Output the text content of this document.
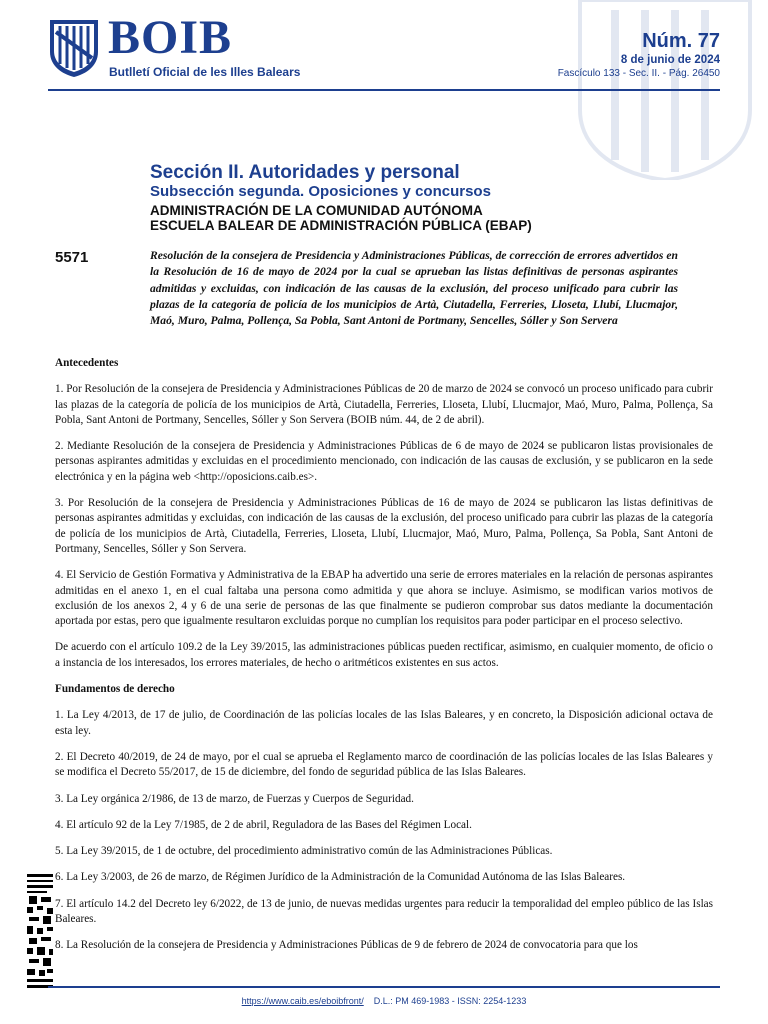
BOIB
Butlletí Oficial de les Illes Balears
Núm. 77
8 de junio de 2024
Fascículo 133 - Sec. II. - Pág. 26450
Sección II. Autoridades y personal
Subsección segunda. Oposiciones y concursos
ADMINISTRACIÓN DE LA COMUNIDAD AUTÓNOMA
ESCUELA BALEAR DE ADMINISTRACIÓN PÚBLICA (EBAP)
5571	Resolución de la consejera de Presidencia y Administraciones Públicas, de corrección de errores advertidos en la Resolución de 16 de mayo de 2024 por la cual se aprueban las listas definitivas de personas aspirantes admitidas y excluidas, con indicación de las causas de la exclusión, del proceso unificado para cubrir las plazas de la categoría de policía de los municipios de Artà, Ciutadella, Ferreries, Lloseta, Llubí, Llucmajor, Maó, Muro, Palma, Pollença, Sa Pobla, Sant Antoni de Portmany, Sencelles, Sóller y Son Servera
Antecedentes

1. Por Resolución de la consejera de Presidencia y Administraciones Públicas de 20 de marzo de 2024 se convocó un proceso unificado para cubrir las plazas de la categoría de policía de los municipios de Artà, Ciutadella, Ferreries, Lloseta, Llubí, Llucmajor, Maó, Muro, Palma, Pollença, Sa Pobla, Sant Antoni de Portmany, Sencelles, Sóller y Son Servera (BOIB núm. 44, de 2 de abril).

2. Mediante Resolución de la consejera de Presidencia y Administraciones Públicas de 6 de mayo de 2024 se publicaron listas provisionales de personas aspirantes admitidas y excluidas en el procedimiento mencionado, con indicación de las causas de exclusión, y se publicaron en la sede electrónica y en la página web <http://oposicions.caib.es>.

3. Por Resolución de la consejera de Presidencia y Administraciones Públicas de 16 de mayo de 2024 se publicaron las listas definitivas de personas aspirantes admitidas y excluidas, con indicación de las causas de la exclusión, del proceso unificado para cubrir las plazas de la categoría de policía de los municipios de Artà, Ciutadella, Ferreries, Lloseta, Llubí, Llucmajor, Maó, Muro, Palma, Pollença, Sa Pobla, Sant Antoni de Portmany, Sencelles, Sóller y Son Servera.

4. El Servicio de Gestión Formativa y Administrativa de la EBAP ha advertido una serie de errores materiales en la relación de personas aspirantes admitidas en el anexo 1, en el cual faltaba una persona como admitida y que ahora se incluye. Asimismo, se modifican varios motivos de exclusión de los anexos 2, 4 y 6 de una serie de personas de las que finalmente se pudieron comprobar sus datos mediante la documentación aportada por estas, pero que igualmente resultaron excluidas porque no cumplían los requisitos para poder participar en el proceso selectivo.

De acuerdo con el artículo 109.2 de la Ley 39/2015, las administraciones públicas pueden rectificar, asimismo, en cualquier momento, de oficio o a instancia de los interesados, los errores materiales, de hecho o aritméticos existentes en sus actos.

Fundamentos de derecho

1. La Ley 4/2013, de 17 de julio, de Coordinación de las policías locales de las Islas Baleares, y en concreto, la Disposición adicional octava de esta ley.

2. El Decreto 40/2019, de 24 de mayo, por el cual se aprueba el Reglamento marco de coordinación de las policías locales de las Islas Baleares y se modifica el Decreto 55/2017, de 15 de diciembre, del fondo de seguridad pública de las Islas Baleares.

3. La Ley orgánica 2/1986, de 13 de marzo, de Fuerzas y Cuerpos de Seguridad.

4. El artículo 92 de la Ley 7/1985, de 2 de abril, Reguladora de las Bases del Régimen Local.

5. La Ley 39/2015, de 1 de octubre, del procedimiento administrativo común de las Administraciones Públicas.

6. La Ley 3/2003, de 26 de marzo, de Régimen Jurídico de la Administración de la Comunidad Autónoma de las Islas Baleares.

7. El artículo 14.2 del Decreto ley 6/2022, de 13 de junio, de nuevas medidas urgentes para reducir la temporalidad del empleo público de las Islas Baleares.

8. La Resolución de la consejera de Presidencia y Administraciones Públicas de 9 de febrero de 2024 de convocatoria para que los

https://www.caib.es/eboibfront/ D.L.: PM 469-1983 - ISSN: 2254-1233
